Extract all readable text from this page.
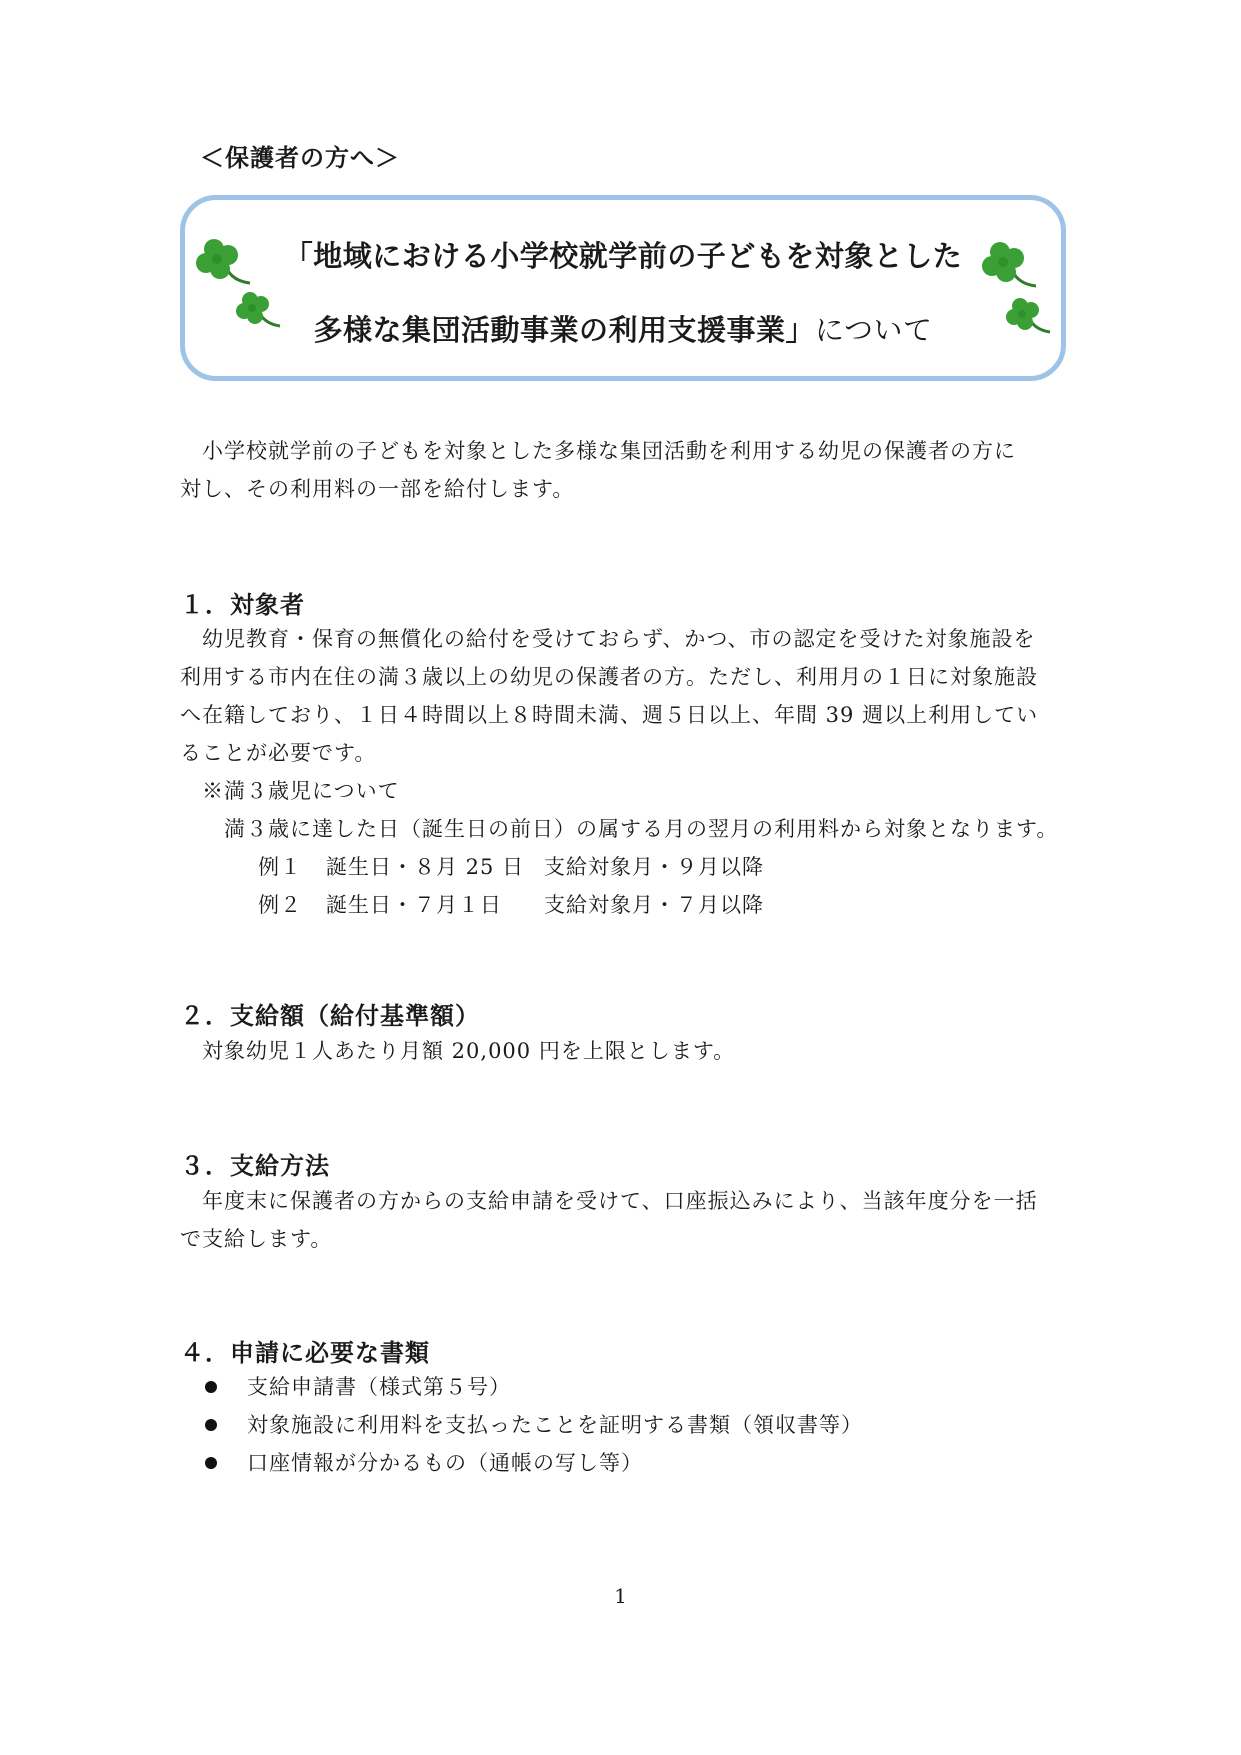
＜保護者の方へ＞
「地域における小学校就学前の子どもを対象とした
多様な集団活動事業の利用支援事業」について

小学校就学前の子どもを対象とした多様な集団活動を利用する幼児の保護者の方に

対し、その利用料の一部を給付します。

１．対象者

幼児教育・保育の無償化の給付を受けておらず、かつ、市の認定を受けた対象施設を

利用する市内在住の満３歳以上の幼児の保護者の方。ただし、利用月の１日に対象施設

へ在籍しており、１日４時間以上８時間未満、週５日以上、年間 39 週以上利用してい

ることが必要です。

※満３歳児について
満３歳に達した日（誕生日の前日）の属する月の翌月の利用料から対象となります。
例１ 誕生日・８月 25 日 支給対象月・９月以降
例２ 誕生日・７月１日 支給対象月・７月以降
２．支給額（給付基準額）
対象幼児１人あたり月額 20,000 円を上限とします。
３．支給方法

年度末に保護者の方からの支給申請を受けて、口座振込みにより、当該年度分を一括

で支給します。

４．申請に必要な書類
支給申請書（様式第５号）
対象施設に利用料を支払ったことを証明する書類（領収書等）
口座情報が分かるもの（通帳の写し等）
1
